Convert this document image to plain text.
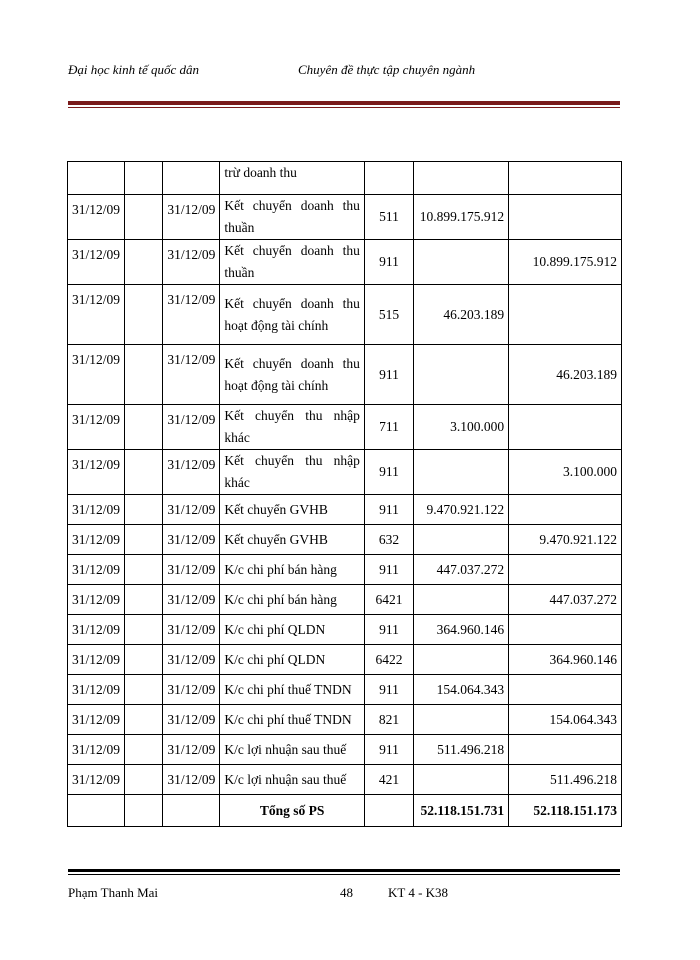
Đại học kinh tế quốc dân	Chuyên đề thực tập chuyên ngành
			trừ doanh thu			
31/12/09		31/12/09	Kết chuyển doanh thu thuần	511	10.899.175.912	
31/12/09		31/12/09	Kết chuyển doanh thu thuần	911		10.899.175.912
31/12/09		31/12/09	Kết chuyển doanh thu hoạt động tài chính	515	46.203.189	
31/12/09		31/12/09	Kết chuyển doanh thu hoạt động tài chính	911		46.203.189
31/12/09		31/12/09	Kết chuyển thu nhập khác	711	3.100.000	
31/12/09		31/12/09	Kết chuyển thu nhập khác	911		3.100.000
31/12/09		31/12/09	Kết chuyển GVHB	911	9.470.921.122	
31/12/09		31/12/09	Kết chuyển GVHB	632		9.470.921.122
31/12/09		31/12/09	K/c chi phí bán hàng	911	447.037.272	
31/12/09		31/12/09	K/c chi phí bán hàng	6421		447.037.272
31/12/09		31/12/09	K/c chi phí QLDN	911	364.960.146	
31/12/09		31/12/09	K/c chi phí QLDN	6422		364.960.146
31/12/09		31/12/09	K/c chi phí thuế TNDN	911	154.064.343	
31/12/09		31/12/09	K/c chi phí thuế TNDN	821		154.064.343
31/12/09		31/12/09	K/c lợi nhuận sau thuế	911	511.496.218	
31/12/09		31/12/09	K/c lợi nhuận sau thuế	421		511.496.218
			Tổng số PS		52.118.151.731	52.118.151.173
Phạm Thanh Mai	48	KT 4 - K38
